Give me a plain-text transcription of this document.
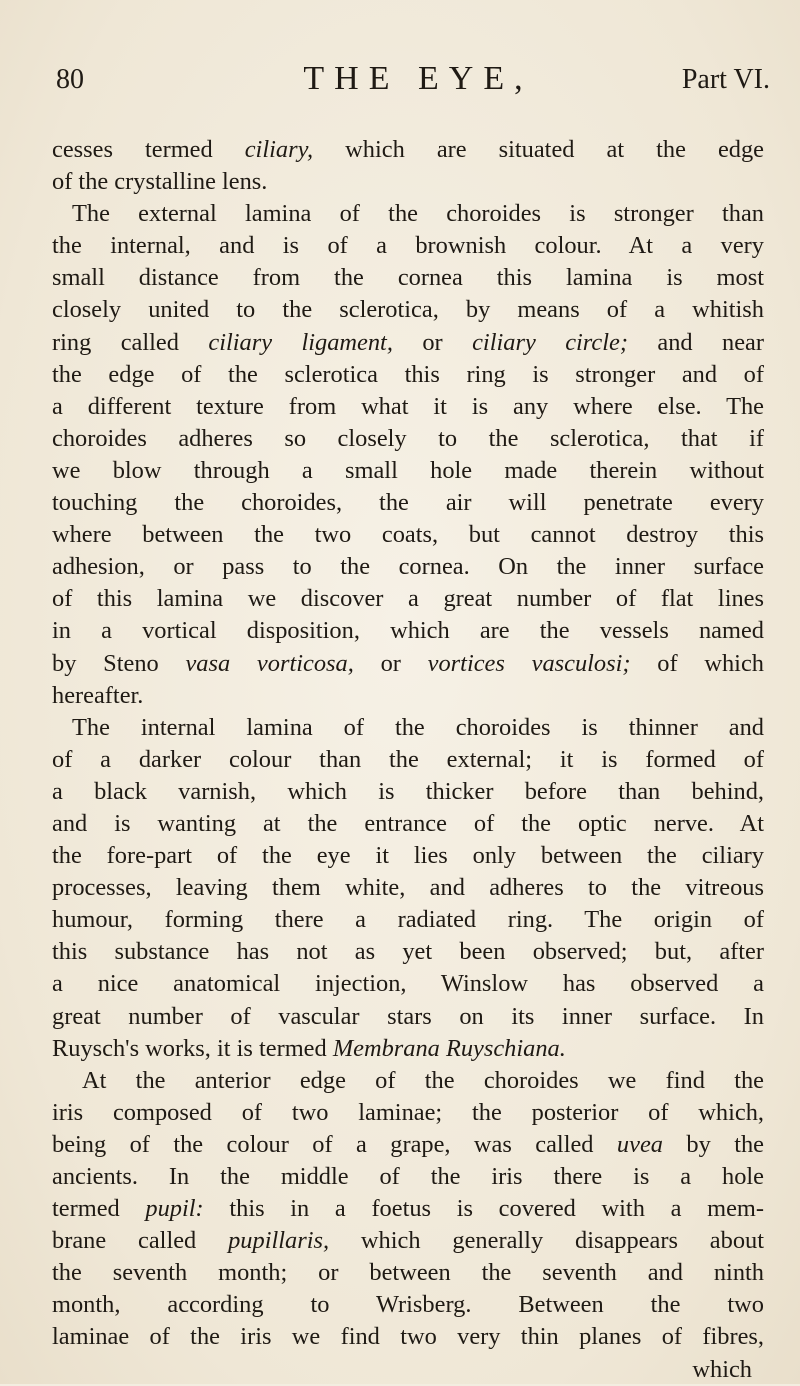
80	THE EYE,	Part VI.
cesses termed ciliary, which are situated at the edge
of the crystalline lens.
The external lamina of the choroides is stronger than
the internal, and is of a brownish colour. At a very
small distance from the cornea this lamina is most
closely united to the sclerotica, by means of a whitish
ring called ciliary ligament, or ciliary circle; and near
the edge of the sclerotica this ring is stronger and of
a different texture from what it is any where else. The
choroides adheres so closely to the sclerotica, that if
we blow through a small hole made therein without
touching the choroides, the air will penetrate every
where between the two coats, but cannot destroy this
adhesion, or pass to the cornea. On the inner surface
of this lamina we discover a great number of flat lines
in a vortical disposition, which are the vessels named
by Steno vasa vorticosa, or vortices vasculosi; of which
hereafter.
The internal lamina of the choroides is thinner and
of a darker colour than the external; it is formed of
a black varnish, which is thicker before than behind,
and is wanting at the entrance of the optic nerve. At
the fore-part of the eye it lies only between the ciliary
processes, leaving them white, and adheres to the vitreous
humour, forming there a radiated ring. The origin of
this substance has not as yet been observed; but, after
a nice anatomical injection, Winslow has observed a
great number of vascular stars on its inner surface. In
Ruysch's works, it is termed Membrana Ruyschiana.
At the anterior edge of the choroides we find the
iris composed of two laminae; the posterior of which,
being of the colour of a grape, was called uvea by the
ancients. In the middle of the iris there is a hole
termed pupil: this in a foetus is covered with a mem-
brane called pupillaris, which generally disappears about
the seventh month; or between the seventh and ninth
month, according to Wrisberg. Between the two
laminae of the iris we find two very thin planes of fibres,
which
